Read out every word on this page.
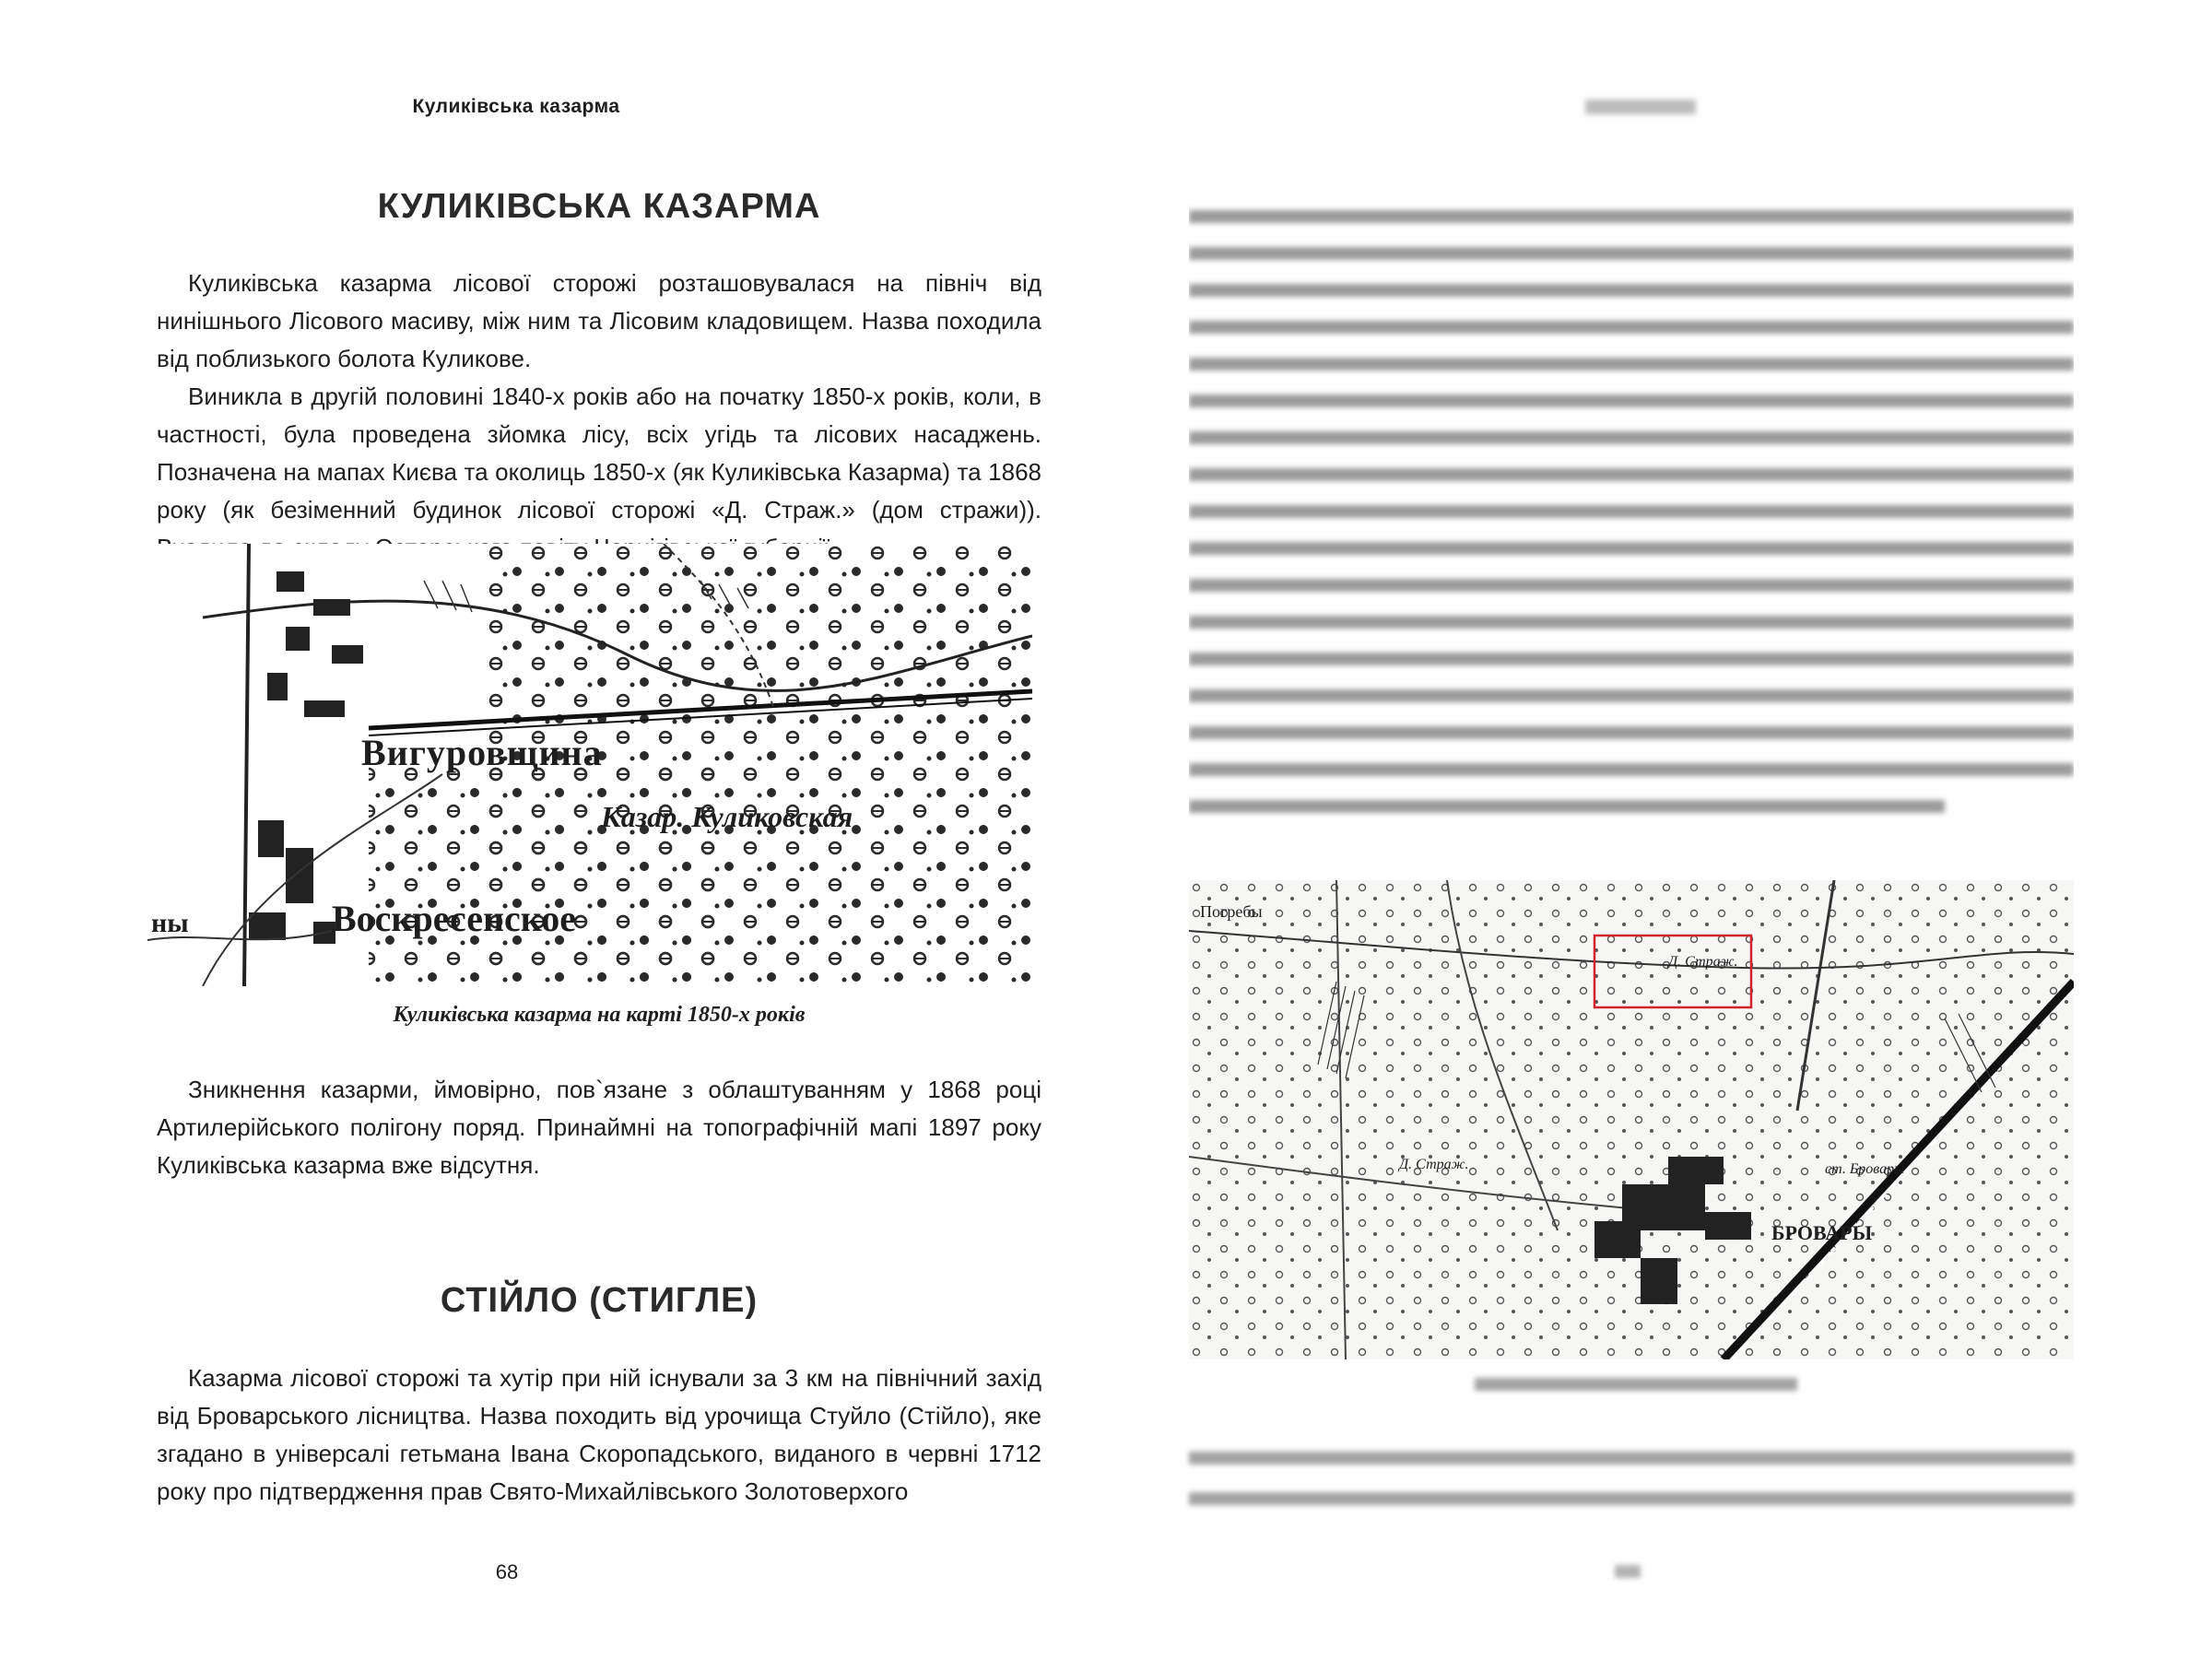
Куликівська казарма
КУЛИКІВСЬКА КАЗАРМА

Куликівська казарма лісової сторожі розташовувалася на північ від нинішнього Лісового масиву, між ним та Лісовим кладовищем. Назва походила від поблизького болота Куликове.

Виникла в другій половині 1840-х років або на початку 1850-х років, коли, в частності, була проведена зйомка лісу, всіх угідь та лісових насаджень. Позначена на мапах Києва та околиць 1850-х (як Куликівська Казарма) та 1868 року (як безіменний будинок лісової сторожі «Д. Страж.» (дом стражи)).

Вигуровщина
Казар. Куликовская
Воскресенское
ны
Куликівська казарма на карті 1850-х років

Зникнення казарми, ймовірно, пов`язане з облаштуванням у 1868 році Артилерійського полігону поряд. Принаймні на топографічній мапі 1897 року Куликівська казарма вже відсутня.

СТІЙЛО (СТИГЛЕ)

Казарма лісової сторожі та хутір при ній існували за 3 км на північний захід від Броварського лісництва. Назва походить від урочища Стуйло (Стійло), яке згадано в універсалі гетьмана Івана Скоропадського, виданого в червні 1712 року про підтвердження прав Свято-Михайлівського Золотоверхого

68
Погребы
Д. Страж.
Д. Страж.
БРОВАРЫ
ст. Бровары
